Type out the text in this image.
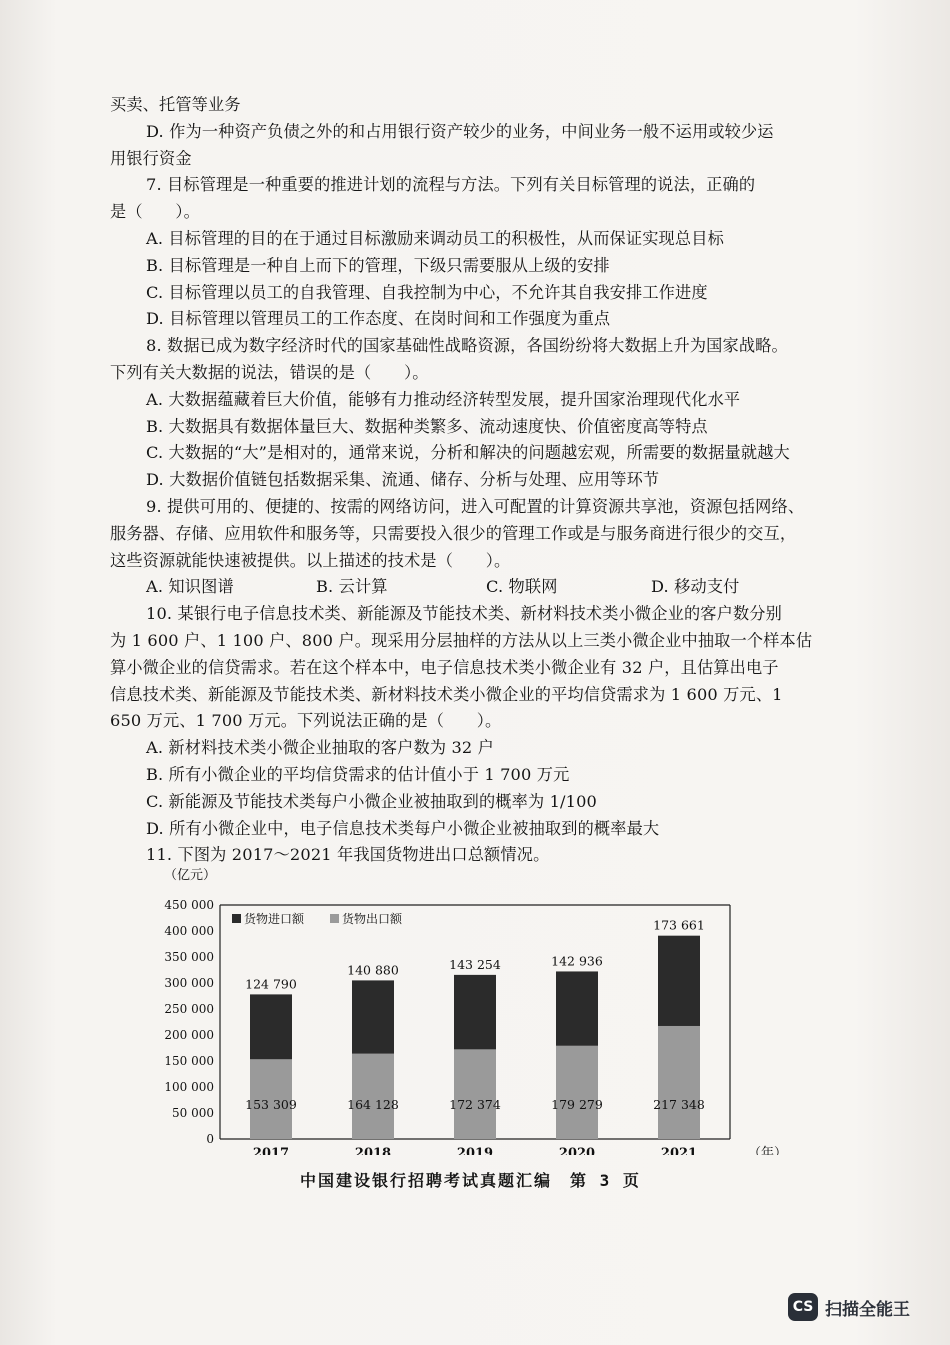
买卖、托管等业务
D. 作为一种资产负债之外的和占用银行资产较少的业务，中间业务一般不运用或较少运
用银行资金
7. 目标管理是一种重要的推进计划的流程与方法。下列有关目标管理的说法，正确的
是（　　）。
A. 目标管理的目的在于通过目标激励来调动员工的积极性，从而保证实现总目标
B. 目标管理是一种自上而下的管理，下级只需要服从上级的安排
C. 目标管理以员工的自我管理、自我控制为中心，不允许其自我安排工作进度
D. 目标管理以管理员工的工作态度、在岗时间和工作强度为重点
8. 数据已成为数字经济时代的国家基础性战略资源，各国纷纷将大数据上升为国家战略。
下列有关大数据的说法，错误的是（　　）。
A. 大数据蕴藏着巨大价值，能够有力推动经济转型发展，提升国家治理现代化水平
B. 大数据具有数据体量巨大、数据种类繁多、流动速度快、价值密度高等特点
C. 大数据的“大”是相对的，通常来说，分析和解决的问题越宏观，所需要的数据量就越大
D. 大数据价值链包括数据采集、流通、储存、分析与处理、应用等环节
9. 提供可用的、便捷的、按需的网络访问，进入可配置的计算资源共享池，资源包括网络、
服务器、存储、应用软件和服务等，只需要投入很少的管理工作或是与服务商进行很少的交互，
这些资源就能快速被提供。以上描述的技术是（　　）。
A. 知识图谱	B. 云计算	C. 物联网	D. 移动支付
10. 某银行电子信息技术类、新能源及节能技术类、新材料技术类小微企业的客户数分别
为 1 600 户、1 100 户、800 户。现采用分层抽样的方法从以上三类小微企业中抽取一个样本估
算小微企业的信贷需求。若在这个样本中，电子信息技术类小微企业有 32 户，且估算出电子
信息技术类、新能源及节能技术类、新材料技术类小微企业的平均信贷需求为 1 600 万元、1
650 万元、1 700 万元。下列说法正确的是（　　）。
A. 新材料技术类小微企业抽取的客户数为 32 户
B. 所有小微企业的平均信贷需求的估计值小于 1 700 万元
C. 新能源及节能技术类每户小微企业被抽取到的概率为 1/100
D. 所有小微企业中，电子信息技术类每户小微企业被抽取到的概率最大
11. 下图为 2017～2021 年我国货物进出口总额情况。
（亿元）
0
50 000
100 000
150 000
200 000
250 000
300 000
350 000
400 000
450 000
货物进口额	货物出口额
124 790
153 309
2017
140 880
164 128
2018
143 254
172 374
2019
142 936
179 279
2020
173 661
217 348
2021	（年）
中国建设银行招聘考试真题汇编　第 3 页
CS 扫描全能王
